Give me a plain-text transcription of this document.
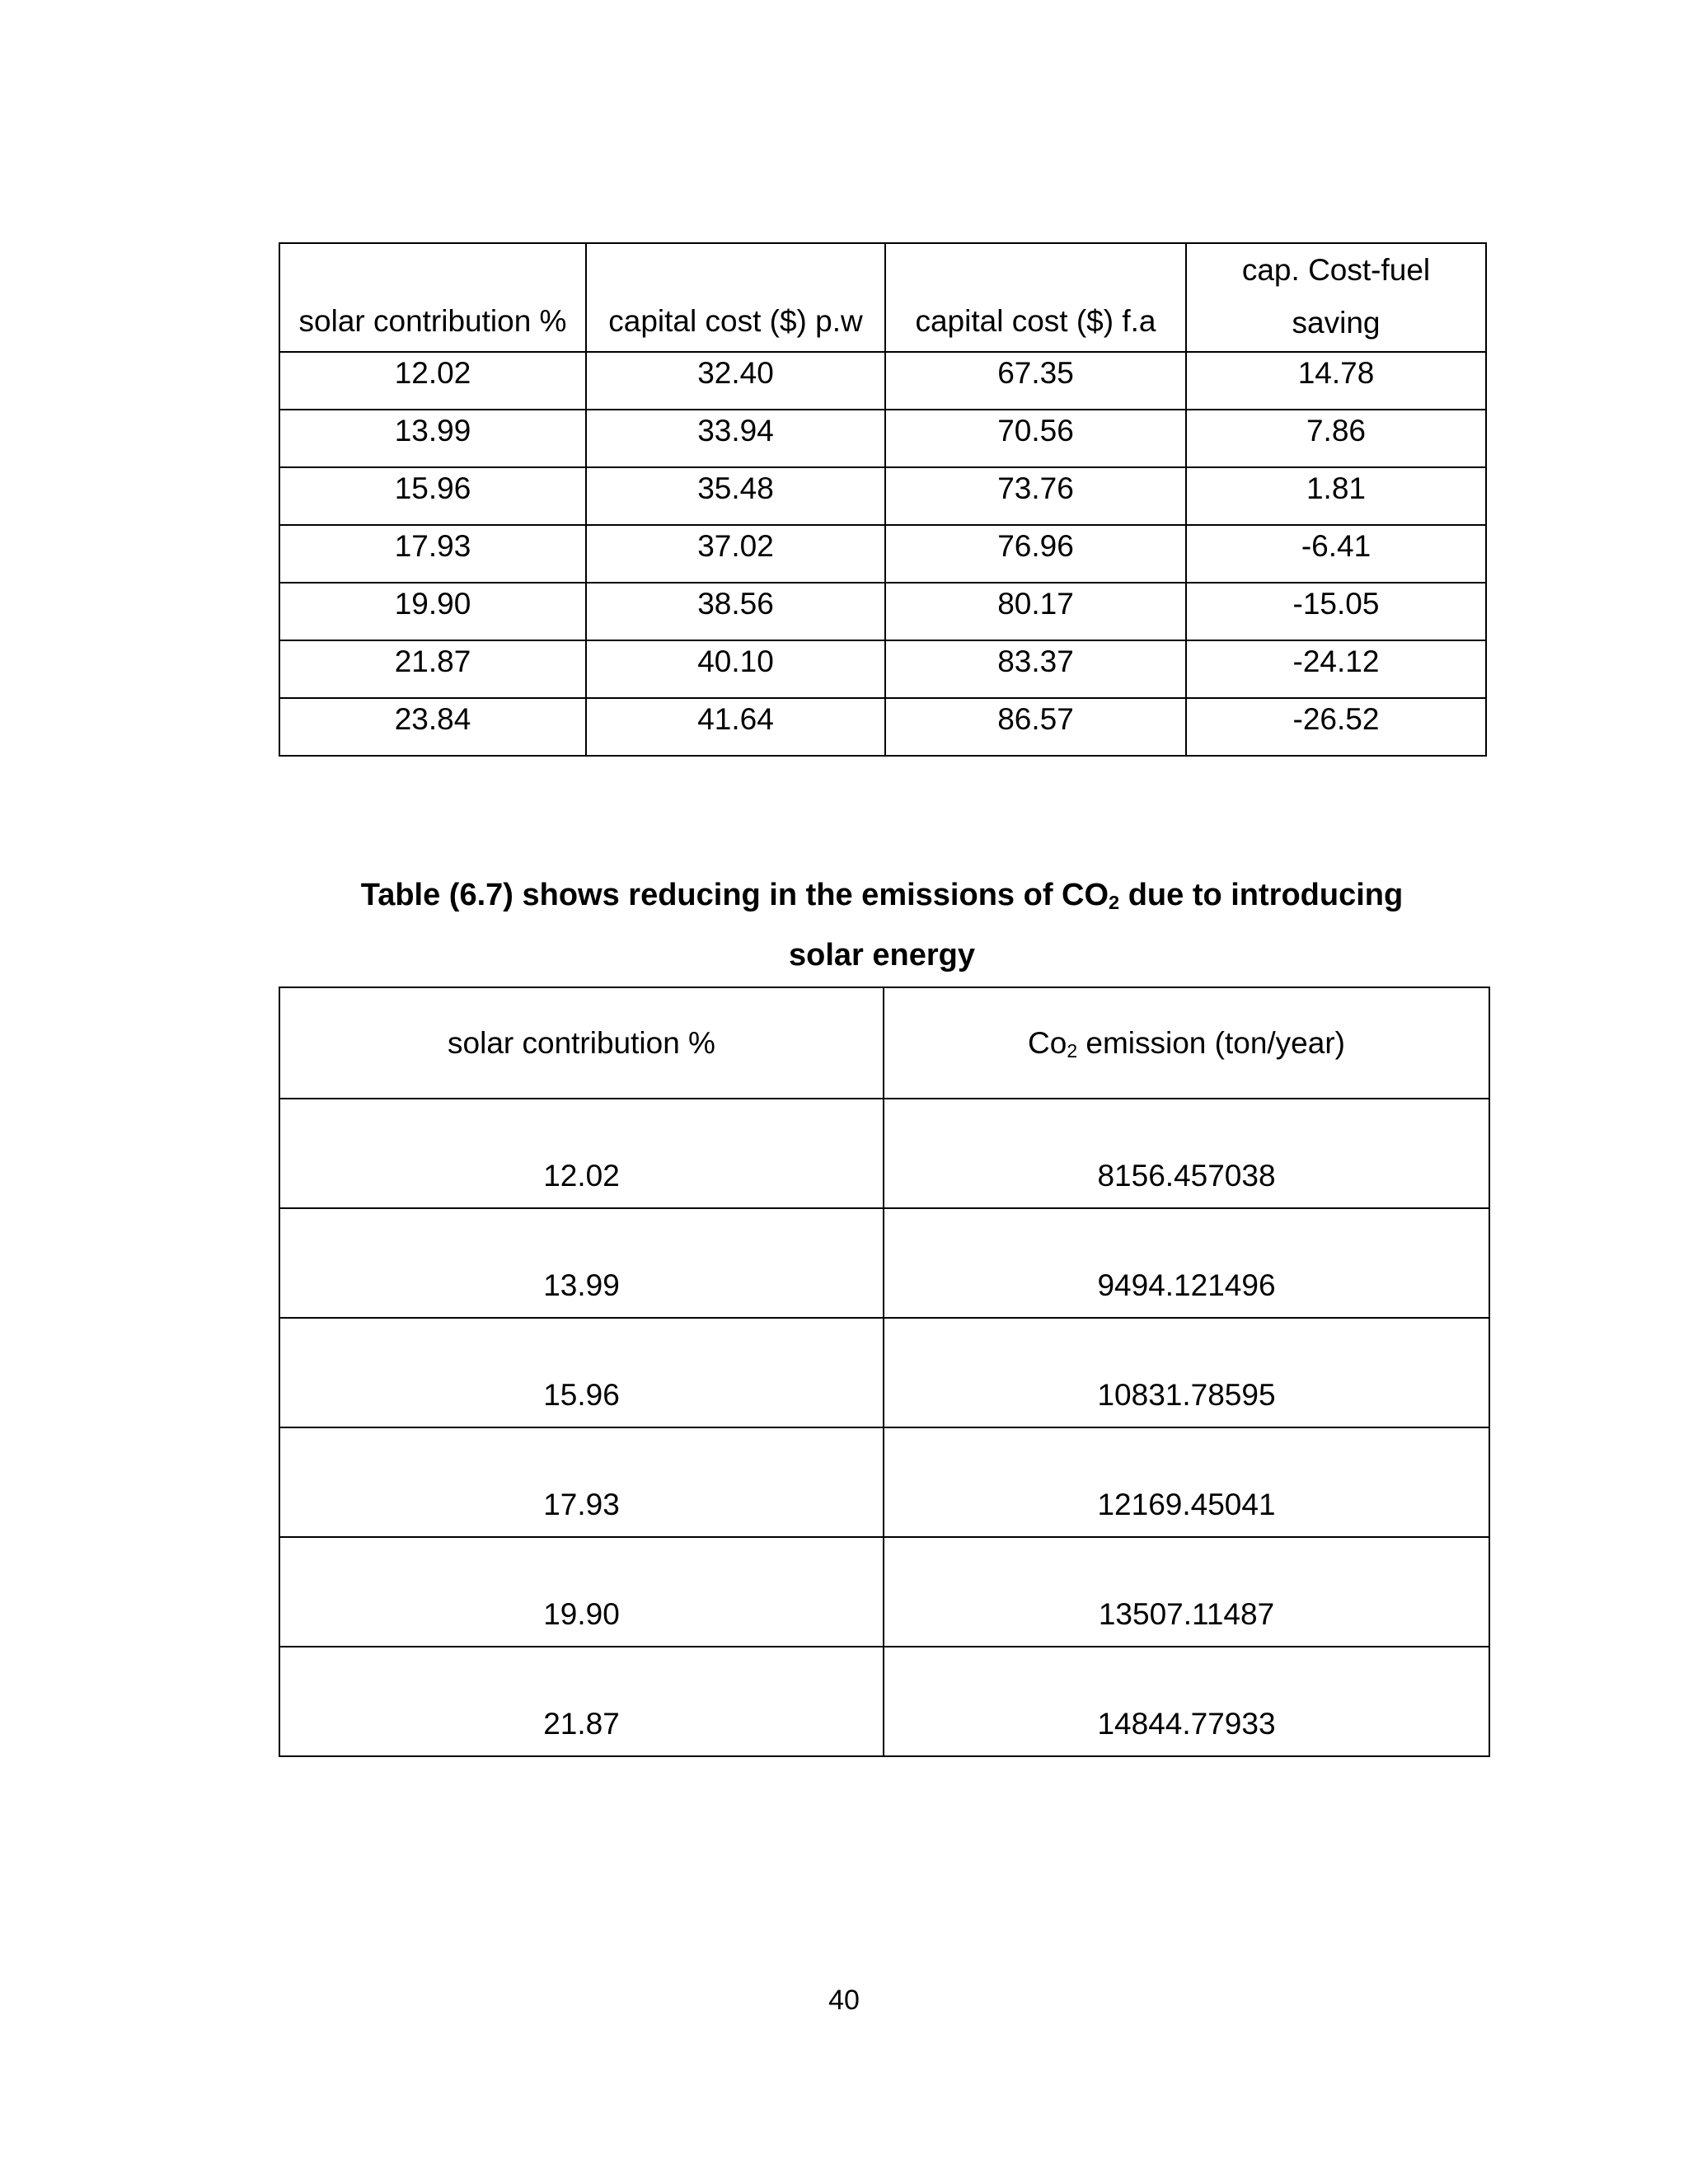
solar contribution %	capital cost ($) p.w	capital cost ($) f.a	cap. Cost-fuel
saving
12.02	32.40	67.35	14.78
13.99	33.94	70.56	7.86
15.96	35.48	73.76	1.81
17.93	37.02	76.96	-6.41
19.90	38.56	80.17	-15.05
21.87	40.10	83.37	-24.12
23.84	41.64	86.57	-26.52
Table (6.7) shows reducing in the emissions of $CO_2$ due to introducing
solar energy
solar contribution %	$Co_2$ emission (ton/year)
12.02	8156.457038
13.99	9494.121496
15.96	10831.78595
17.93	12169.45041
19.90	13507.11487
21.87	14844.77933
40
